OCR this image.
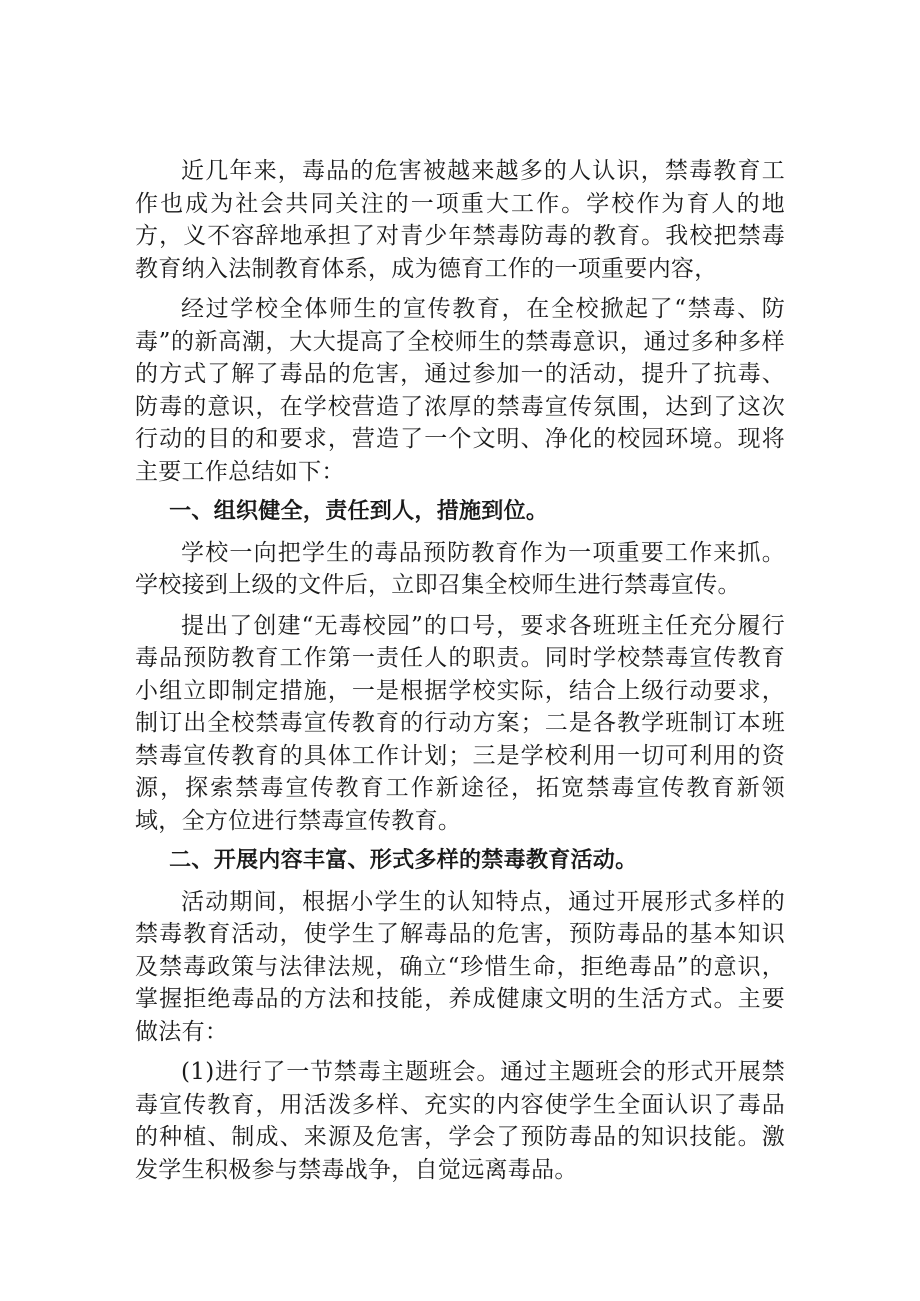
近几年来，毒品的危害被越来越多的人认识，禁毒教育工作也成为社会共同关注的一项重大工作。学校作为育人的地方，义不容辞地承担了对青少年禁毒防毒的教育。我校把禁毒教育纳入法制教育体系，成为德育工作的一项重要内容，

经过学校全体师生的宣传教育，在全校掀起了“禁毒、防毒”的新高潮，大大提高了全校师生的禁毒意识，通过多种多样的方式了解了毒品的危害，通过参加一的活动，提升了抗毒、防毒的意识，在学校营造了浓厚的禁毒宣传氛围，达到了这次行动的目的和要求，营造了一个文明、净化的校园环境。现将主要工作总结如下：

一、组织健全，责任到人，措施到位。

学校一向把学生的毒品预防教育作为一项重要工作来抓。学校接到上级的文件后，立即召集全校师生进行禁毒宣传。

提出了创建“无毒校园”的口号，要求各班班主任充分履行毒品预防教育工作第一责任人的职责。同时学校禁毒宣传教育小组立即制定措施，一是根据学校实际，结合上级行动要求，制订出全校禁毒宣传教育的行动方案；二是各教学班制订本班禁毒宣传教育的具体工作计划；三是学校利用一切可利用的资源，探索禁毒宣传教育工作新途径，拓宽禁毒宣传教育新领域，全方位进行禁毒宣传教育。

二、开展内容丰富、形式多样的禁毒教育活动。

活动期间，根据小学生的认知特点，通过开展形式多样的禁毒教育活动，使学生了解毒品的危害，预防毒品的基本知识及禁毒政策与法律法规，确立“珍惜生命，拒绝毒品”的意识，掌握拒绝毒品的方法和技能，养成健康文明的生活方式。主要做法有：

(1)进行了一节禁毒主题班会。通过主题班会的形式开展禁毒宣传教育，用活泼多样、充实的内容使学生全面认识了毒品的种植、制成、来源及危害，学会了预防毒品的知识技能。激发学生积极参与禁毒战争，自觉远离毒品。
